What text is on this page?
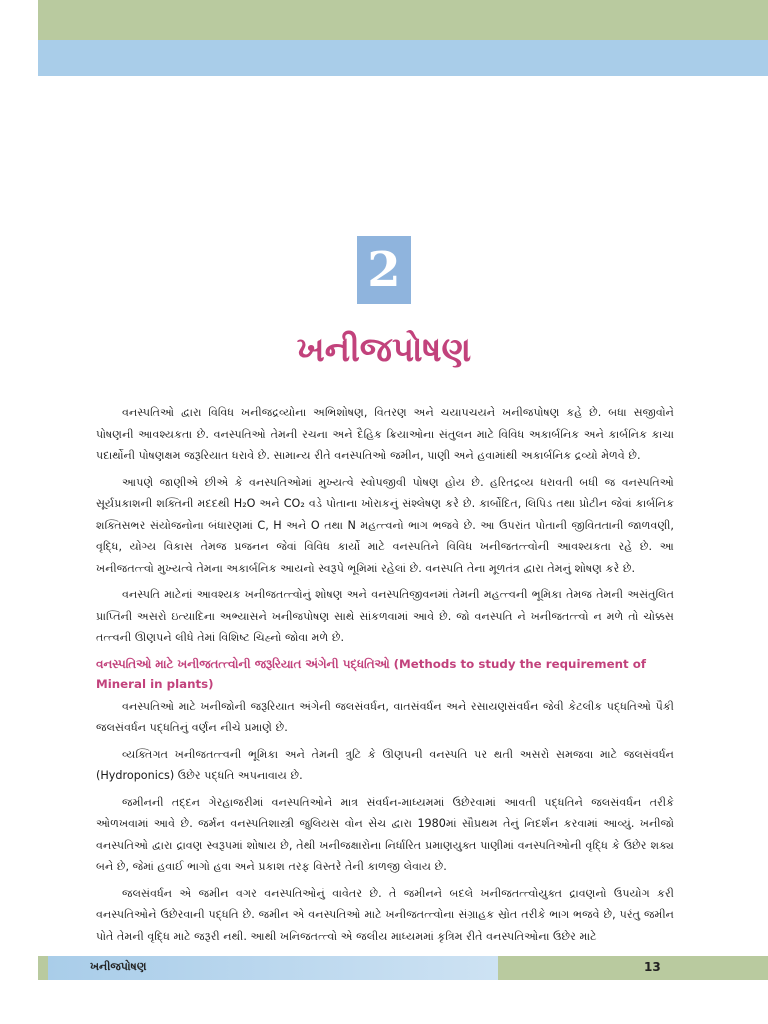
2
ખનીજપોષણ

વનસ્પતિઓ દ્વારા વિવિધ ખનીજદ્રવ્યોના અભિશોષણ, વિતરણ અને ચયાપચયને ખનીજપોષણ કહે છે. બધા સજીવોને પોષણની આવશ્યકતા છે. વનસ્પતિઓ તેમની રચના અને દૈહિક ક્રિયાઓના સંતુલન માટે વિવિધ અકાર્બનિક અને કાર્બનિક કાચા પદાર્થોની પોષણક્ષમ જરૂરિયાત ધરાવે છે. સામાન્ય રીતે વનસ્પતિઓ જમીન, પાણી અને હવામાંથી અકાર્બનિક દ્રવ્યો મેળવે છે.

આપણે જાણીએ છીએ કે વનસ્પતિઓમાં મુખ્યત્વે સ્વોપજીવી પોષણ હોય છે. હરિતદ્રવ્ય ધરાવતી બધી જ વનસ્પતિઓ સૂર્યપ્રકાશની શક્તિની મદદથી H₂O અને CO₂ વડે પોતાના ખોરાકનું સંશ્લેષણ કરે છે. કાર્બોદિત, લિપિડ તથા પ્રોટીન જેવાં કાર્બનિક શક્તિસભર સંયોજનોના બંધારણમાં C, H અને O તથા N મહત્ત્વનો ભાગ ભજવે છે. આ ઉપરાંત પોતાની જીવિતતાની જાળવણી, વૃદ્ધિ, યોગ્ય વિકાસ તેમજ પ્રજનન જેવાં વિવિધ કાર્યો માટે વનસ્પતિને વિવિધ ખનીજતત્ત્વોની આવશ્યકતા રહે છે. આ ખનીજતત્ત્વો મુખ્યત્વે તેમના અકાર્બનિક આયનો સ્વરૂપે ભૂમિમાં રહેલાં છે. વનસ્પતિ તેના મૂળતંત્ર દ્વારા તેમનું શોષણ કરે છે.

વનસ્પતિ માટેનાં આવશ્યક ખનીજતત્ત્વોનું શોષણ અને વનસ્પતિજીવનમાં તેમની મહત્ત્વની ભૂમિકા તેમજ તેમની અસંતુલિત પ્રાપ્તિની અસરો ઇત્યાદિના અભ્યાસને ખનીજપોષણ સાથે સાંકળવામાં આવે છે. જો વનસ્પતિ ને ખનીજતત્ત્વો ન મળે તો ચોક્કસ તત્ત્વની ઊણપને લીધે તેમાં વિશિષ્ટ ચિહ્નો જોવા મળે છે.

વનસ્પતિઓ માટે ખનીજતત્ત્વોની જરૂરિયાત અંગેની પદ્ધતિઓ (Methods to study the requirement of Mineral in plants)

વનસ્પતિઓ માટે ખનીજોની જરૂરિયાત અંગેની જલસંવર્ધન, વાતસંવર્ધન અને રસાયણસંવર્ધન જેવી કેટલીક પદ્ધતિઓ પૈકી જલસંવર્ધન પદ્ધતિનું વર્ણન નીચે પ્રમાણે છે.

વ્યક્તિગત ખનીજતત્ત્વની ભૂમિકા અને તેમની ત્રુટિ કે ઊણપની વનસ્પતિ પર થતી અસરો સમજવા માટે જલસંવર્ધન (Hydroponics) ઉછેર પદ્ધતિ અપનાવાય છે.

જમીનની તદ્દન ગેરહાજરીમાં વનસ્પતિઓને માત્ર સંવર્ધન-માધ્યમમાં ઉછેરવામાં આવતી પદ્ધતિને જલસંવર્ધન તરીકે ઓળખવામાં આવે છે. જર્મન વનસ્પતિશાસ્ત્રી જુલિયસ વોન સેચ દ્વારા 1980માં સૌપ્રથમ તેનું નિદર્શન કરવામાં આવ્યું. ખનીજો વનસ્પતિઓ દ્વારા દ્રાવણ સ્વરૂપમાં શોષાય છે, તેથી ખનીજક્ષારોના નિર્ધારિત પ્રમાણયુક્ત પાણીમાં વનસ્પતિઓની વૃદ્ધિ કે ઉછેર શક્ય બને છે, જેમાં હવાઈ ભાગો હવા અને પ્રકાશ તરફ વિસ્તરે તેની કાળજી લેવાય છે.

જલસંવર્ધન એ જમીન વગર વનસ્પતિઓનું વાવેતર છે. તે જમીનને બદલે ખનીજતત્ત્વોયુક્ત દ્રાવણનો ઉપયોગ કરી વનસ્પતિઓને ઉછેરવાની પદ્ધતિ છે. જમીન એ વનસ્પતિઓ માટે ખનીજતત્ત્વોના સંગ્રાહક સ્રોત તરીકે ભાગ ભજવે છે, પરંતુ જમીન પોતે તેમની વૃદ્ધિ માટે જરૂરી નથી. આથી ખનિજતત્ત્વો એ જલીય માધ્યમમાં કૃત્રિમ રીતે વનસ્પતિઓના ઉછેર માટે

ખનીજપોષણ	13
